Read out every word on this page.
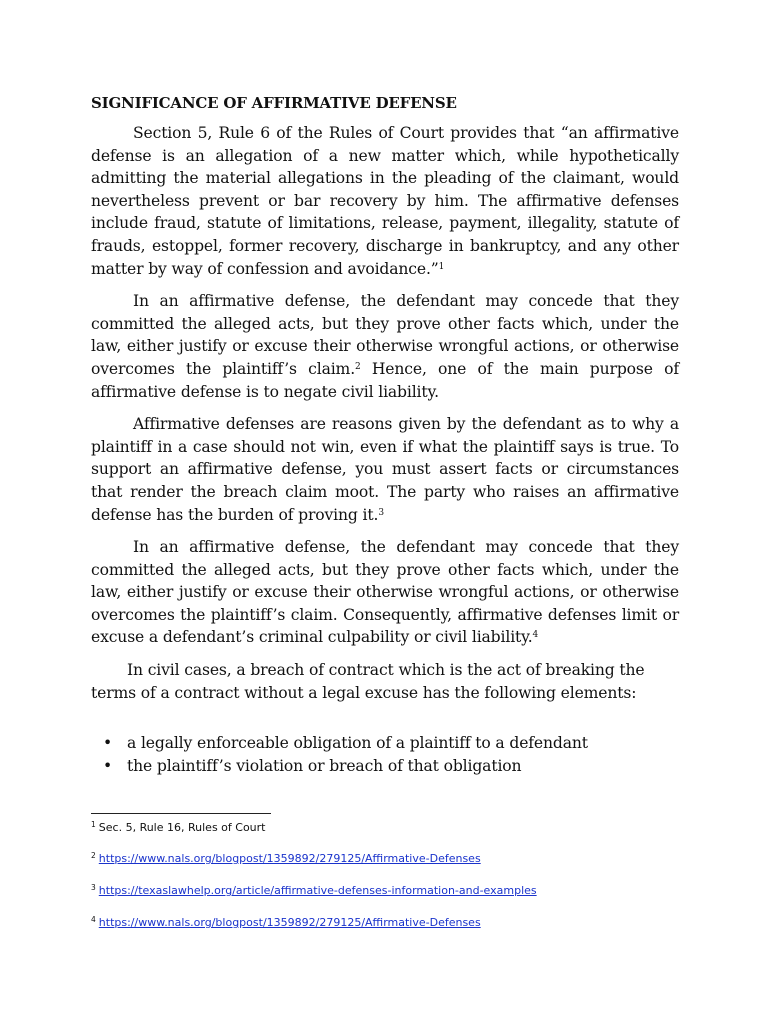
SIGNIFICANCE OF AFFIRMATIVE DEFENSE

Section 5, Rule 6 of the Rules of Court provides that “an affirmative defense is an allegation of a new matter which, while hypothetically admitting the material allegations in the pleading of the claimant, would nevertheless prevent or bar recovery by him. The affirmative defenses include fraud, statute of limitations, release, payment, illegality, statute of frauds, estoppel, former recovery, discharge in bankruptcy, and any other matter by way of confession and avoidance.”$^1$

In an affirmative defense, the defendant may concede that they committed the alleged acts, but they prove other facts which, under the law, either justify or excuse their otherwise wrongful actions, or otherwise overcomes the plaintiff’s claim.$^2$ Hence, one of the main purpose of affirmative defense is to negate civil liability.

Affirmative defenses are reasons given by the defendant as to why a plaintiff in a case should not win, even if what the plaintiff says is true. To support an affirmative defense, you must assert facts or circumstances that render the breach claim moot. The party who raises an affirmative defense has the burden of proving it.$^3$

In an affirmative defense, the defendant may concede that they committed the alleged acts, but they prove other facts which, under the law, either justify or excuse their otherwise wrongful actions, or otherwise overcomes the plaintiff’s claim. Consequently, affirmative defenses limit or excuse a defendant’s criminal culpability or civil liability.$^4$

In civil cases, a breach of contract which is the act of breaking the terms of a contract without a legal excuse has the following elements:

• a legally enforceable obligation of a plaintiff to a defendant
• the plaintiff’s violation or breach of that obligation
$^1$ Sec. 5, Rule 16, Rules of Court
$^2$ https://www.nals.org/blogpost/1359892/279125/Affirmative-Defenses
$^3$ https://texaslawhelp.org/article/affirmative-defenses-information-and-examples
$^4$ https://www.nals.org/blogpost/1359892/279125/Affirmative-Defenses
